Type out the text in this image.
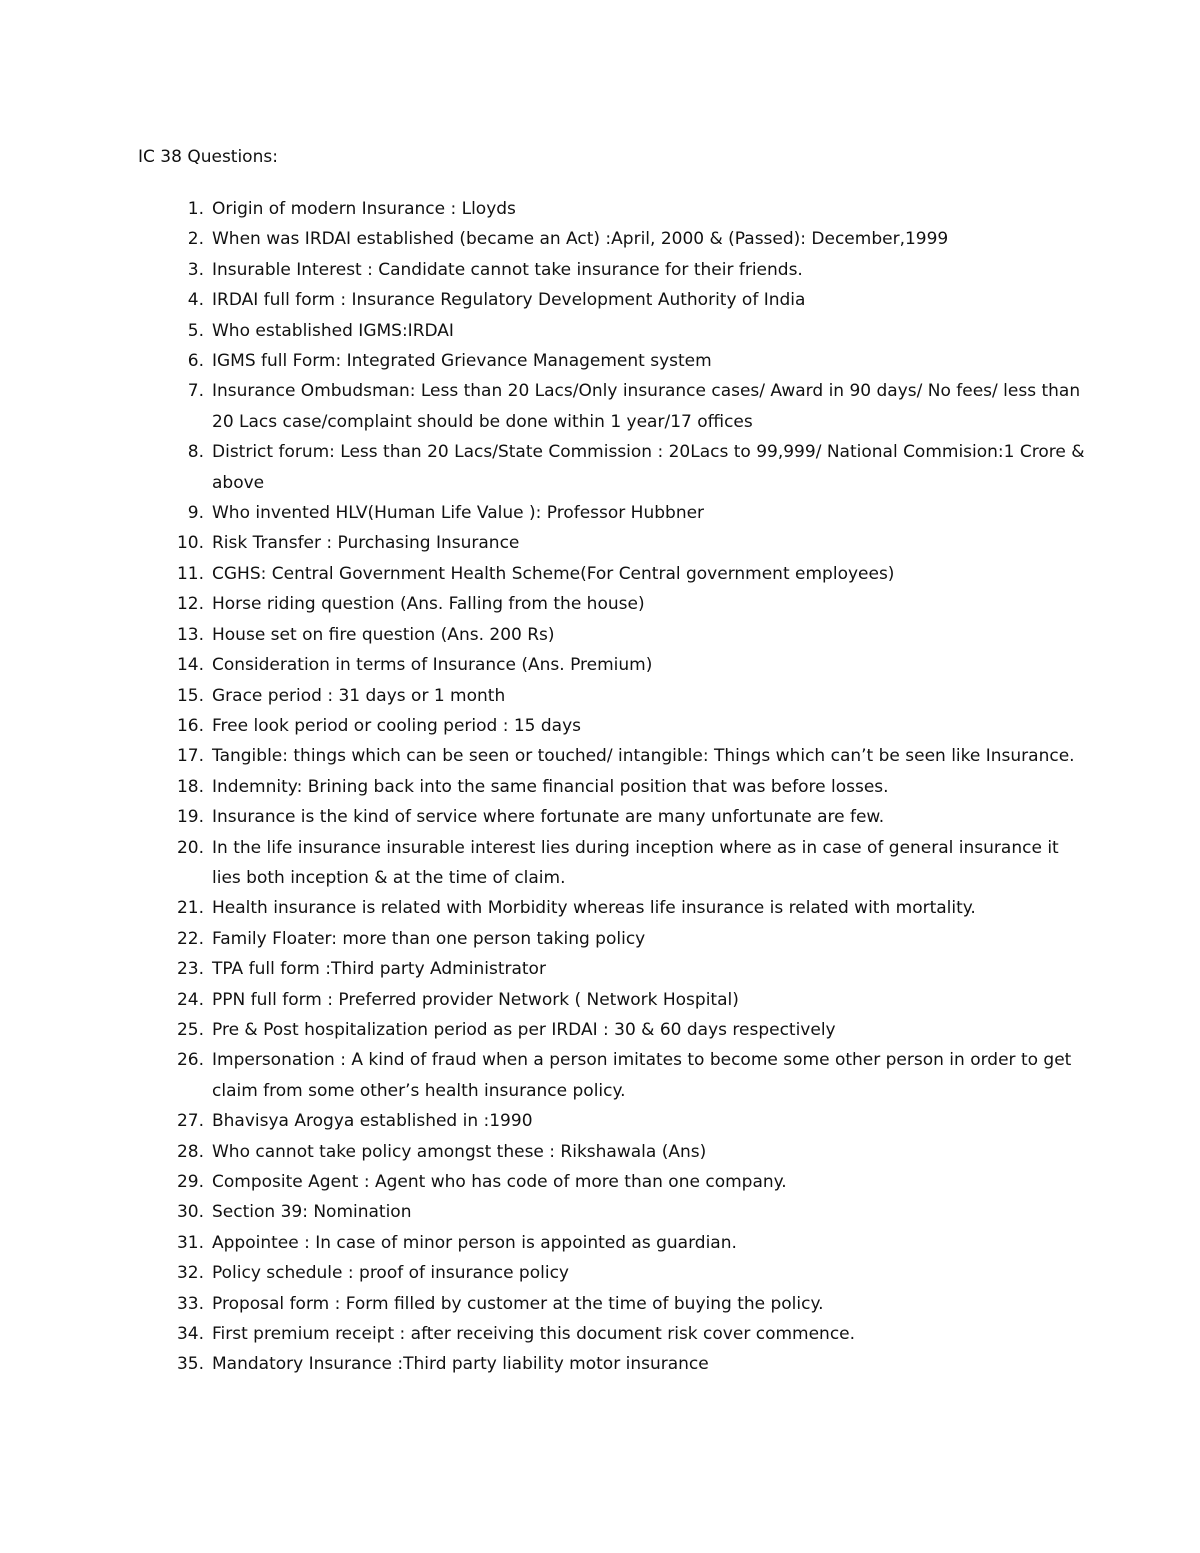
IC 38 Questions:
1. Origin of modern Insurance : Lloyds
2. When was IRDAI established (became an Act) :April, 2000 & (Passed): December,1999
3. Insurable Interest : Candidate cannot take insurance for their friends.
4. IRDAI full form : Insurance Regulatory Development Authority of India
5. Who established IGMS:IRDAI
6. IGMS full Form: Integrated Grievance Management system
7. Insurance Ombudsman: Less than 20 Lacs/Only insurance cases/ Award in 90 days/ No fees/ less than 20 Lacs case/complaint should be done within 1 year/17 offices
8. District forum: Less than 20 Lacs/State Commission : 20Lacs to 99,999/ National Commision:1 Crore & above
9. Who invented HLV(Human Life Value ): Professor Hubbner
10. Risk Transfer : Purchasing Insurance
11. CGHS: Central Government Health Scheme(For Central government employees)
12. Horse riding question (Ans. Falling from the house)
13. House set on fire question (Ans. 200 Rs)
14. Consideration in terms of Insurance (Ans. Premium)
15. Grace period : 31 days or 1 month
16. Free look period or cooling period : 15 days
17. Tangible: things which can be seen or touched/ intangible: Things which can’t be seen like Insurance.
18. Indemnity: Brining back into the same financial position that was before losses.
19. Insurance is the kind of service where fortunate are many unfortunate are few.
20. In the life insurance insurable interest lies during inception where as in case of general insurance it lies both inception & at the time of claim.
21. Health insurance is related with Morbidity whereas life insurance is related with mortality.
22. Family Floater: more than one person taking policy
23. TPA full form :Third party Administrator
24. PPN full form : Preferred provider Network ( Network Hospital)
25. Pre & Post hospitalization period as per IRDAI : 30 & 60 days respectively
26. Impersonation : A kind of fraud when a person imitates to become some other person in order to get claim from some other’s health insurance policy.
27. Bhavisya Arogya established in :1990
28. Who cannot take policy amongst these : Rikshawala (Ans)
29. Composite Agent : Agent who has code of more than one company.
30. Section 39: Nomination
31. Appointee : In case of minor person is appointed as guardian.
32. Policy schedule : proof of insurance policy
33. Proposal form : Form filled by customer at the time of buying the policy.
34. First premium receipt : after receiving this document risk cover commence.
35. Mandatory Insurance :Third party liability motor insurance
